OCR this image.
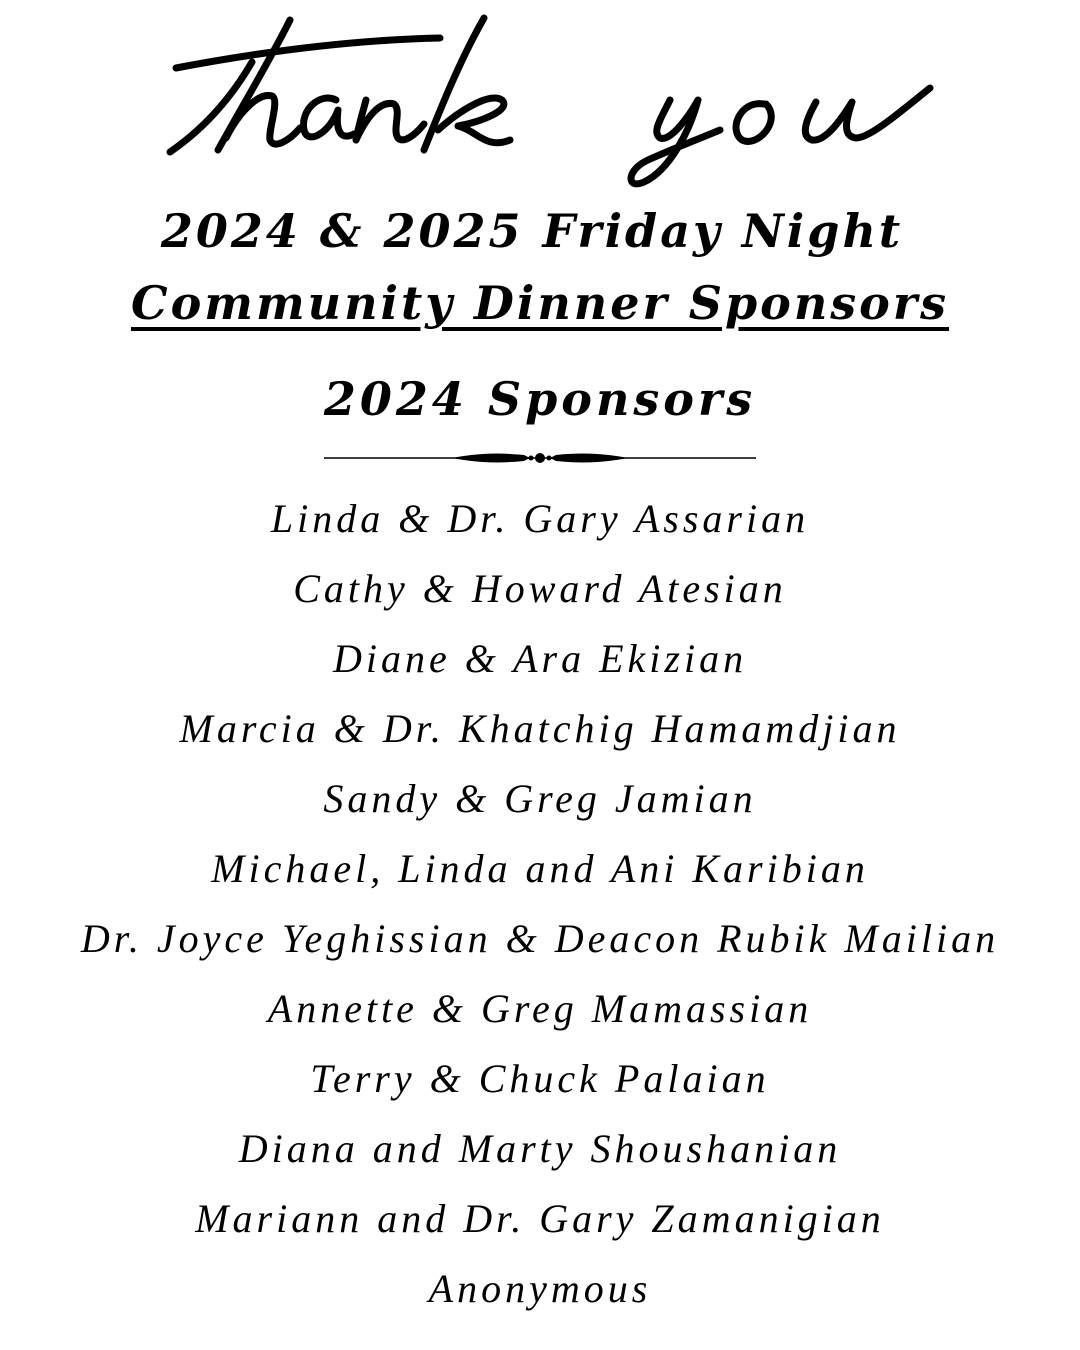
2024 & 2025 Friday Night
Community Dinner Sponsors
2024 Sponsors
Linda & Dr. Gary Assarian
Cathy & Howard Atesian
Diane & Ara Ekizian
Marcia & Dr. Khatchig Hamamdjian
Sandy & Greg Jamian
Michael, Linda and Ani Karibian
Dr. Joyce Yeghissian & Deacon Rubik Mailian
Annette & Greg Mamassian
Terry & Chuck Palaian
Diana and Marty Shoushanian
Mariann and Dr. Gary Zamanigian
Anonymous
